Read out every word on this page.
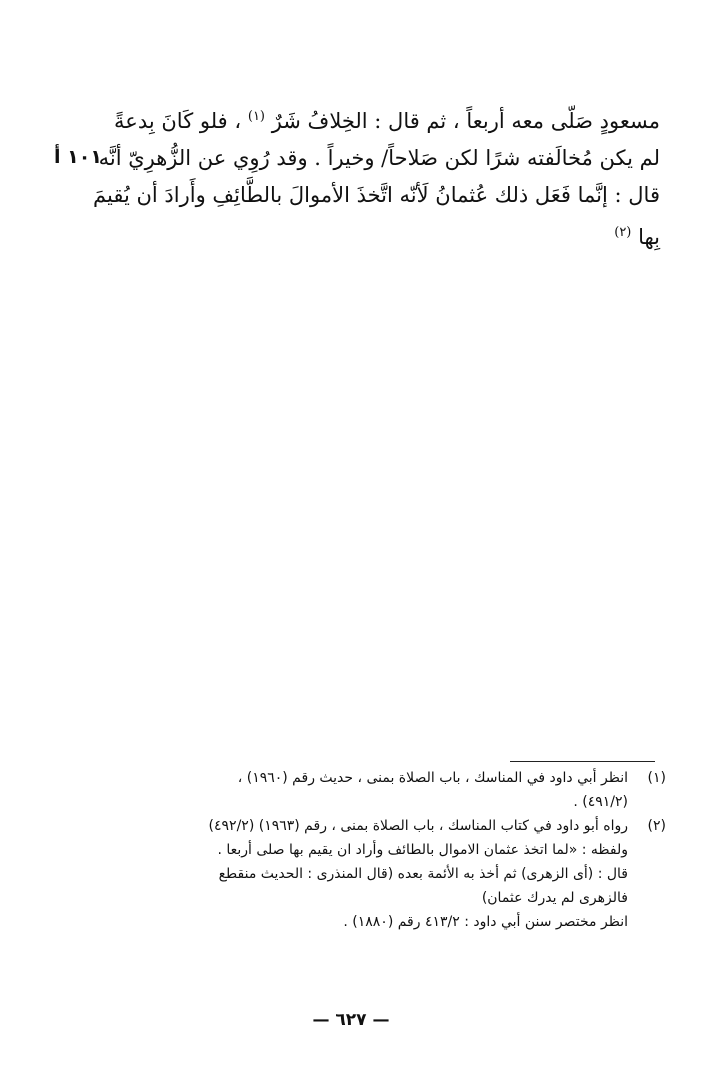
مسعودٍ صَلّى معه أربعاً ، ثم قال : الخِلافُ شَرٌ $^{(١)}$ ، فلو كَانَ بِدعةً
لم يكن مُخالَفته شرًا لكن صَلاحاً/ وخيراً . وقد رُوِي عن الزُّهرِيّ أنَّه
قال : إنَّما فَعَل ذلك عُثمانُ لَأنّه اتَّخذَ الأموالَ بالطَّائِفِ وأَرادَ أن يُقيمَ
بِها $^{(٢)}$
١٠١ أ
(١)
انظر أبي داود في المناسك ، باب الصلاة بمنى ، حديث رقم (١٩٦٠) ،
(٤٩١/٢) .
(٢)
رواه أبو داود في كتاب المناسك ، باب الصلاة بمنى ، رقم (١٩٦٣) (٤٩٢/٢)
ولفظه : «لما اتخذ عثمان الاموال بالطائف وأراد ان يقيم بها صلى أربعا .
قال : (أى الزهرى) ثم أخذ به الأئمة بعده (قال المنذرى : الحديث منقطع
فالزهرى لم يدرك عثمان)
انظر مختصر سنن أبي داود : ٤١٣/٢ رقم (١٨٨٠) .
— ٦٢٧ —
